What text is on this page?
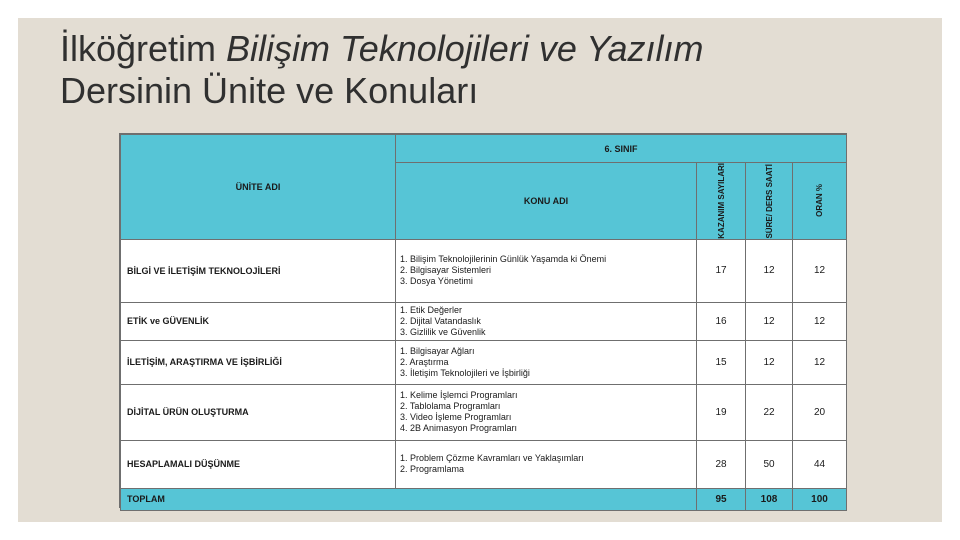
İlköğretim Bilişim Teknolojileri ve Yazılım
Dersinin Ünite ve Konuları
ÜNİTE ADI	6. SINIF			
	KONU ADI	KAZANIM SAYILARI	SÜRE/ DERS SAATİ	ORAN %

BİLGİ VE İLETİŞİM TEKNOLOJİLERİ	1. Bilişim Teknolojilerinin Günlük Yaşamda ki Önemi
2. Bilgisayar Sistemleri
3. Dosya Yönetimi	17	12	12
ETİK ve GÜVENLİK	1. Etik Değerler
2. Dijital Vatandaslık
3. Gizlilik ve Güvenlik	16	12	12
İLETİŞİM, ARAŞTIRMA VE İŞBİRLİĞİ	1. Bilgisayar Ağları
2. Araştırma
3. İletişim Teknolojileri ve İşbirliği	15	12	12
DİJİTAL ÜRÜN OLUŞTURMA	1. Kelime İşlemci Programları
2. Tablolama Programları
3. Video İşleme Programları
4. 2B Animasyon Programları	19	22	20
HESAPLAMALI DÜŞÜNME	1. Problem Çözme Kavramları ve Yaklaşımları
2. Programlama	28	50	44
TOPLAM		95	108	100
